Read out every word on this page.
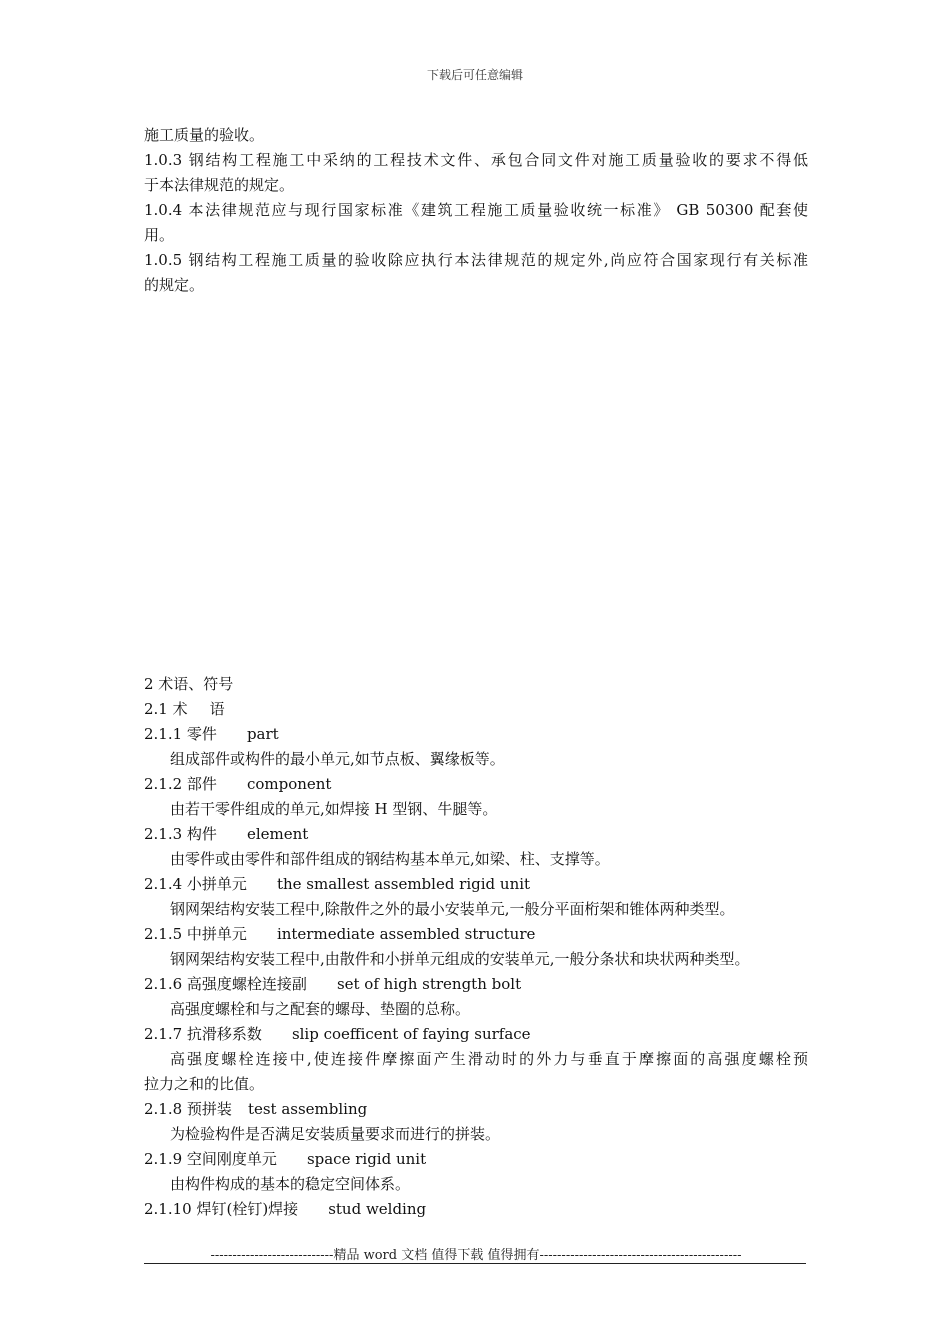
下载后可任意编辑
施工质量的验收。
1.0.3 钢结构工程施工中采纳的工程技术文件、承包合同文件对施工质量验收的要求不得低
于本法律规范的规定。
1.0.4 本法律规范应与现行国家标准《建筑工程施工质量验收统一标准》 GB 50300 配套使
用。
1.0.5 钢结构工程施工质量的验收除应执行本法律规范的规定外,尚应符合国家现行有关标准
的规定。
2 术语、符号
2.1 术 语
2.1.1 零件 part
组成部件或构件的最小单元,如节点板、翼缘板等。
2.1.2 部件 component
由若干零件组成的单元,如焊接 H 型钢、牛腿等。
2.1.3 构件 element
由零件或由零件和部件组成的钢结构基本单元,如梁、柱、支撑等。
2.1.4 小拼单元 the smallest assembled rigid unit
钢网架结构安装工程中,除散件之外的最小安装单元,一般分平面桁架和锥体两种类型。
2.1.5 中拼单元 intermediate assembled structure
钢网架结构安装工程中,由散件和小拼单元组成的安装单元,一般分条状和块状两种类型。
2.1.6 高强度螺栓连接副 set of high strength bolt
高强度螺栓和与之配套的螺母、垫圈的总称。
2.1.7 抗滑移系数 slip coefficent of faying surface
高强度螺栓连接中,使连接件摩擦面产生滑动时的外力与垂直于摩擦面的高强度螺栓预
拉力之和的比值。
2.1.8 预拼装 test assembling
为检验构件是否满足安装质量要求而进行的拼装。
2.1.9 空间刚度单元 space rigid unit
由构件构成的基本的稳定空间体系。
2.1.10 焊钉(栓钉)焊接 stud welding
----------------------------精品 word 文档 值得下载 值得拥有----------------------------------------------
